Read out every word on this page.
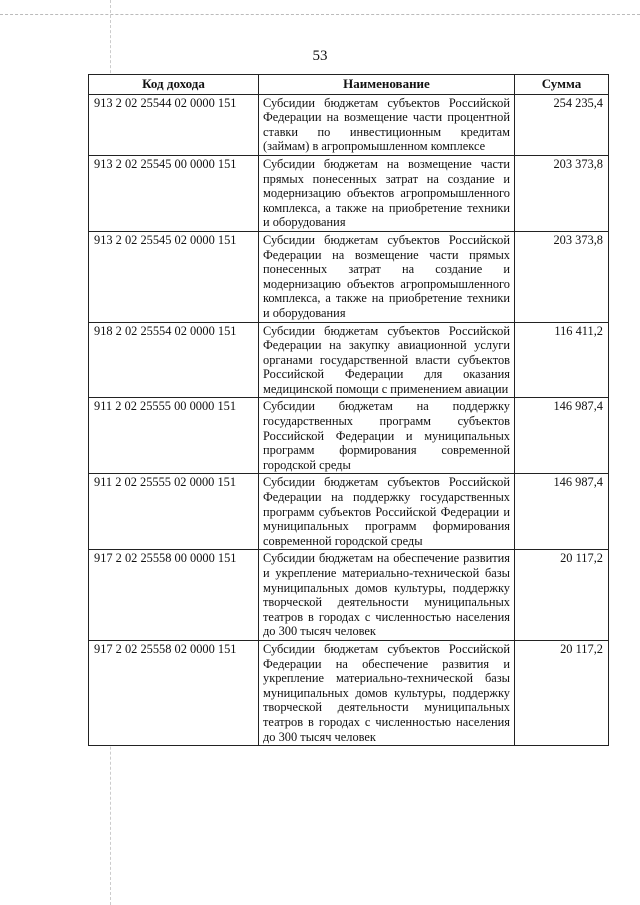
53
Код дохода	Наименование	Сумма
913 2 02 25544 02 0000 151	Субсидии бюджетам субъектов Российской Федерации на возмещение части процентной ставки по инвестиционным кредитам (займам) в агропромышленном комплексе	254 235,4
913 2 02 25545 00 0000 151	Субсидии бюджетам на возмещение части прямых понесенных затрат на создание и модернизацию объектов агропромышленного комплекса, а также на приобретение техники и оборудования	203 373,8
913 2 02 25545 02 0000 151	Субсидии бюджетам субъектов Российской Федерации на возмещение части прямых понесенных затрат на создание и модернизацию объектов агропромышленного комплекса, а также на приобретение техники и оборудования	203 373,8
918 2 02 25554 02 0000 151	Субсидии бюджетам субъектов Российской Федерации на закупку авиационной услуги органами государственной власти субъектов Российской Федерации для оказания медицинской помощи с применением авиации	116 411,2
911 2 02 25555 00 0000 151	Субсидии бюджетам на поддержку государственных программ субъектов Российской Федерации и муниципальных программ формирования современной городской среды	146 987,4
911 2 02 25555 02 0000 151	Субсидии бюджетам субъектов Российской Федерации на поддержку государственных программ субъектов Российской Федерации и муниципальных программ формирования современной городской среды	146 987,4
917 2 02 25558 00 0000 151	Субсидии бюджетам на обеспечение развития и укрепление материально-технической базы муниципальных домов культуры, поддержку творческой деятельности муниципальных театров в городах с численностью населения до 300 тысяч человек	20 117,2
917 2 02 25558 02 0000 151	Субсидии бюджетам субъектов Российской Федерации на обеспечение развития и укрепление материально-технической базы муниципальных домов культуры, поддержку творческой деятельности муниципальных театров в городах с численностью населения до 300 тысяч человек	20 117,2
